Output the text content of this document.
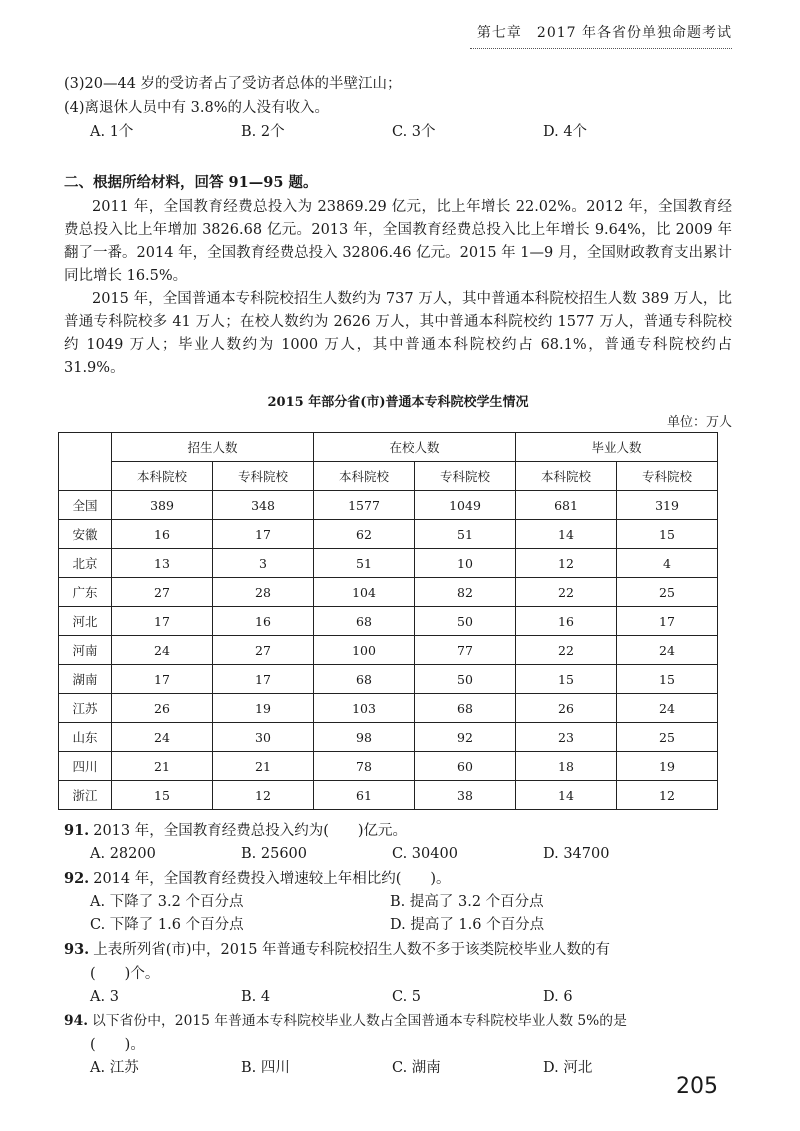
第七章　2017 年各省份单独命题考试
(3)20—44 岁的受访者占了受访者总体的半壁江山；
(4)离退休人员中有 3.8%的人没有收入。
A. 1个	B. 2个	C. 3个	D. 4个
二、根据所给材料，回答 91—95 题。
2011 年，全国教育经费总投入为 23869.29 亿元，比上年增长 22.02%。2012 年，全国教育经费总投入比上年增加 3826.68 亿元。2013 年，全国教育经费总投入比上年增长 9.64%，比 2009 年翻了一番。2014 年，全国教育经费总投入 32806.46 亿元。2015 年 1—9 月，全国财政教育支出累计同比增长 16.5%。
2015 年，全国普通本专科院校招生人数约为 737 万人，其中普通本科院校招生人数 389 万人，比普通专科院校多 41 万人；在校人数约为 2626 万人，其中普通本科院校约 1577 万人，普通专科院校约 1049 万人；毕业人数约为 1000 万人，其中普通本科院校约占 68.1%，普通专科院校约占 31.9%。
2015 年部分省(市)普通本专科院校学生情况
单位：万人
	招生人数		在校人数		毕业人数	
	本科院校	专科院校	本科院校	专科院校	本科院校	专科院校
全国	389	348	1577	1049	681	319
安徽	16	17	62	51	14	15
北京	13	3	51	10	12	4
广东	27	28	104	82	22	25
河北	17	16	68	50	16	17
河南	24	27	100	77	22	24
湖南	17	17	68	50	15	15
江苏	26	19	103	68	26	24
山东	24	30	98	92	23	25
四川	21	21	78	60	18	19
浙江	15	12	61	38	14	12
91. 2013 年，全国教育经费总投入约为(　　)亿元。
A. 28200	B. 25600	C. 30400	D. 34700
92. 2014 年，全国教育经费投入增速较上年相比约(　　)。
A. 下降了 3.2 个百分点	B. 提高了 3.2 个百分点
C. 下降了 1.6 个百分点	D. 提高了 1.6 个百分点
93. 上表所列省(市)中，2015 年普通专科院校招生人数不多于该类院校毕业人数的有
(　　)个。
A. 3	B. 4	C. 5	D. 6
94. 以下省份中，2015 年普通本专科院校毕业人数占全国普通本专科院校毕业人数 5%的是
(　　)。
A. 江苏	B. 四川	C. 湖南	D. 河北
205
